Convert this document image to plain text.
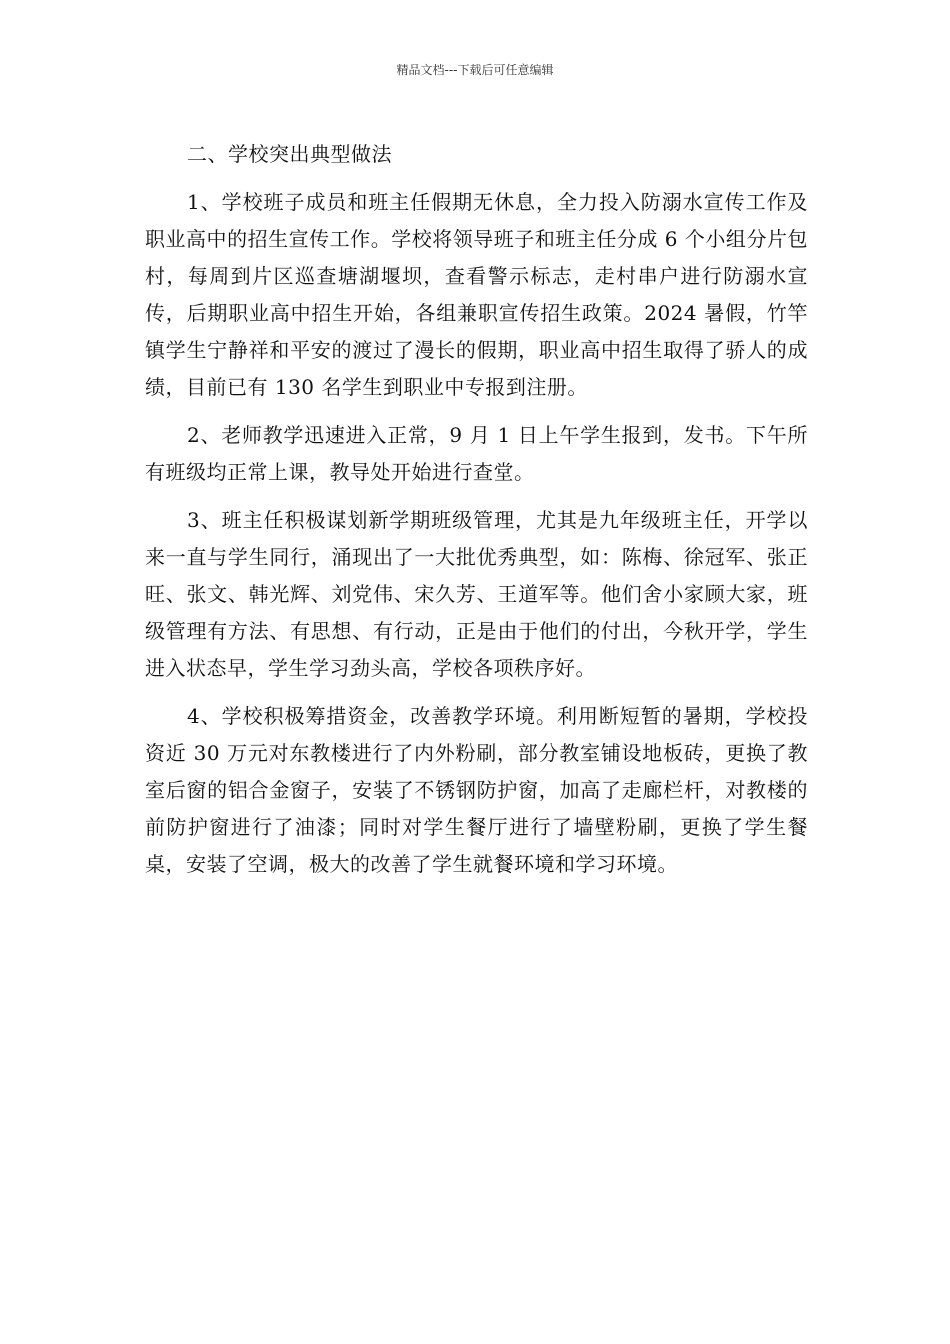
精品文档---下载后可任意编辑

二、学校突出典型做法

1、学校班子成员和班主任假期无休息，全力投入防溺水宣传工作及职业高中的招生宣传工作。学校将领导班子和班主任分成 6 个小组分片包村，每周到片区巡查塘湖堰坝，查看警示标志，走村串户进行防溺水宣传，后期职业高中招生开始，各组兼职宣传招生政策。2024 暑假，竹竿镇学生宁静祥和平安的渡过了漫长的假期，职业高中招生取得了骄人的成绩，目前已有 130 名学生到职业中专报到注册。

2、老师教学迅速进入正常，9 月 1 日上午学生报到，发书。下午所有班级均正常上课，教导处开始进行查堂。

3、班主任积极谋划新学期班级管理，尤其是九年级班主任，开学以来一直与学生同行，涌现出了一大批优秀典型，如：陈梅、徐冠军、张正旺、张文、韩光辉、刘党伟、宋久芳、王道军等。他们舍小家顾大家，班级管理有方法、有思想、有行动，正是由于他们的付出，今秋开学，学生进入状态早，学生学习劲头高，学校各项秩序好。

4、学校积极筹措资金，改善教学环境。利用断短暂的暑期，学校投资近 30 万元对东教楼进行了内外粉刷，部分教室铺设地板砖，更换了教室后窗的铝合金窗子，安装了不锈钢防护窗，加高了走廊栏杆，对教楼的前防护窗进行了油漆；同时对学生餐厅进行了墙壁粉刷，更换了学生餐桌，安装了空调，极大的改善了学生就餐环境和学习环境。
